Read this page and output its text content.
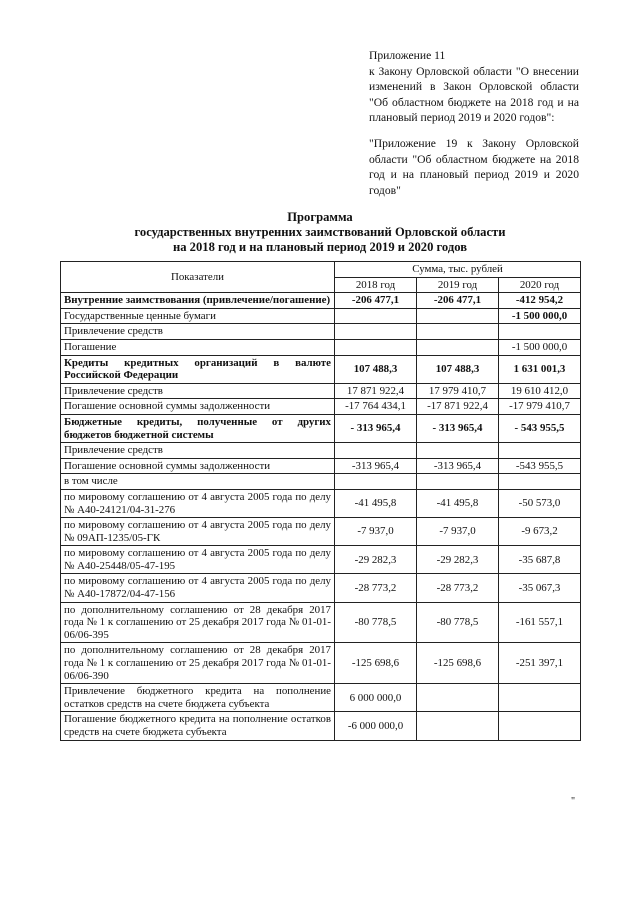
Приложение 11

к Закону Орловской области "О внесении изменений в Закон Орловской области "Об областном бюджете на 2018 год и на плановый период 2019 и 2020 годов":

"Приложение 19 к Закону Орловской области "Об областном бюджете на 2018 год и на плановый период 2019 и 2020 годов"

Программа
государственных внутренних заимствований Орловской области
на 2018 год и на плановый период 2019 и 2020 годов
Показатели	Сумма, тыс. рублей		
	2018 год	2019 год	2020 год
Внутренние заимствования (привлечение/погашение)	-206 477,1	-206 477,1	-412 954,2
Государственные ценные бумаги			-1 500 000,0
Привлечение средств			
Погашение			-1 500 000,0
Кредиты кредитных организаций в валюте Российской Федерации	107 488,3	107 488,3	1 631 001,3
Привлечение средств	17 871 922,4	17 979 410,7	19 610 412,0
Погашение основной суммы задолженности	-17 764 434,1	-17 871 922,4	-17 979 410,7
Бюджетные кредиты, полученные от других бюджетов бюджетной системы	- 313 965,4	- 313 965,4	- 543 955,5
Привлечение средств			
Погашение основной суммы задолженности	-313 965,4	-313 965,4	-543 955,5
в том числе			
по мировому соглашению от 4 августа 2005 года по делу № А40-24121/04-31-276	-41 495,8	-41 495,8	-50 573,0
по мировому соглашению от 4 августа 2005 года по делу № 09АП-1235/05-ГК	-7 937,0	-7 937,0	-9 673,2
по мировому соглашению от 4 августа 2005 года по делу № А40-25448/05-47-195	-29 282,3	-29 282,3	-35 687,8
по мировому соглашению от 4 августа 2005 года по делу № А40-17872/04-47-156	-28 773,2	-28 773,2	-35 067,3
по дополнительному соглашению от 28 декабря 2017 года № 1 к соглашению от 25 декабря 2017 года № 01-01-06/06-395	-80 778,5	-80 778,5	-161 557,1
по дополнительному соглашению от 28 декабря 2017 года № 1 к соглашению от 25 декабря 2017 года № 01-01-06/06-390	-125 698,6	-125 698,6	-251 397,1
Привлечение бюджетного кредита на пополнение остатков средств на счете бюджета субъекта	6 000 000,0		
Погашение бюджетного кредита на пополнение остатков средств на счете бюджета субъекта	-6 000 000,0		
"
